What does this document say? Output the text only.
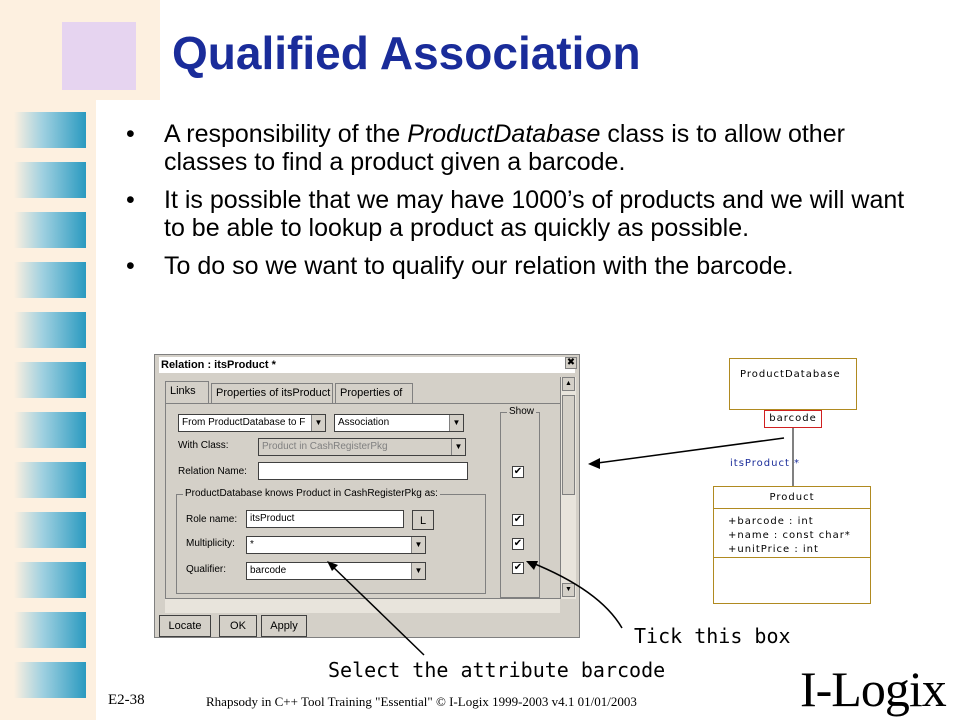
Qualified Association
• A responsibility of the ProductDatabase class is to allow other classes to find a product given a barcode.
• It is possible that we may have 1000’s of products and we will want to be able to lookup a product as quickly as possible.
• To do so we want to qualify our relation with the barcode.
Relation : itsProduct *	✖
Links	Properties of itsProduct Properties of
From ProductDatabase to F	▼	Association	▼
Show
With Class:	Product in CashRegisterPkg	▼
Relation Name:	✔
ProductDatabase knows Product in CashRegisterPkg as:
Role name:	itsProduct	L	✔
Multiplicity:	*	▼	✔
Qualifier:	barcode	▼	✔
▲
▼
Locate	OK	Apply
ProductDatabase
barcode
itsProduct *
Product
+barcode : int
+name : const char*
+unitPrice : int
Tick this box
Select the attribute barcode
E2-38	Rhapsody in C++ Tool Training "Essential" © I-Logix 1999-2003 v4.1 01/01/2003	I-Logix
